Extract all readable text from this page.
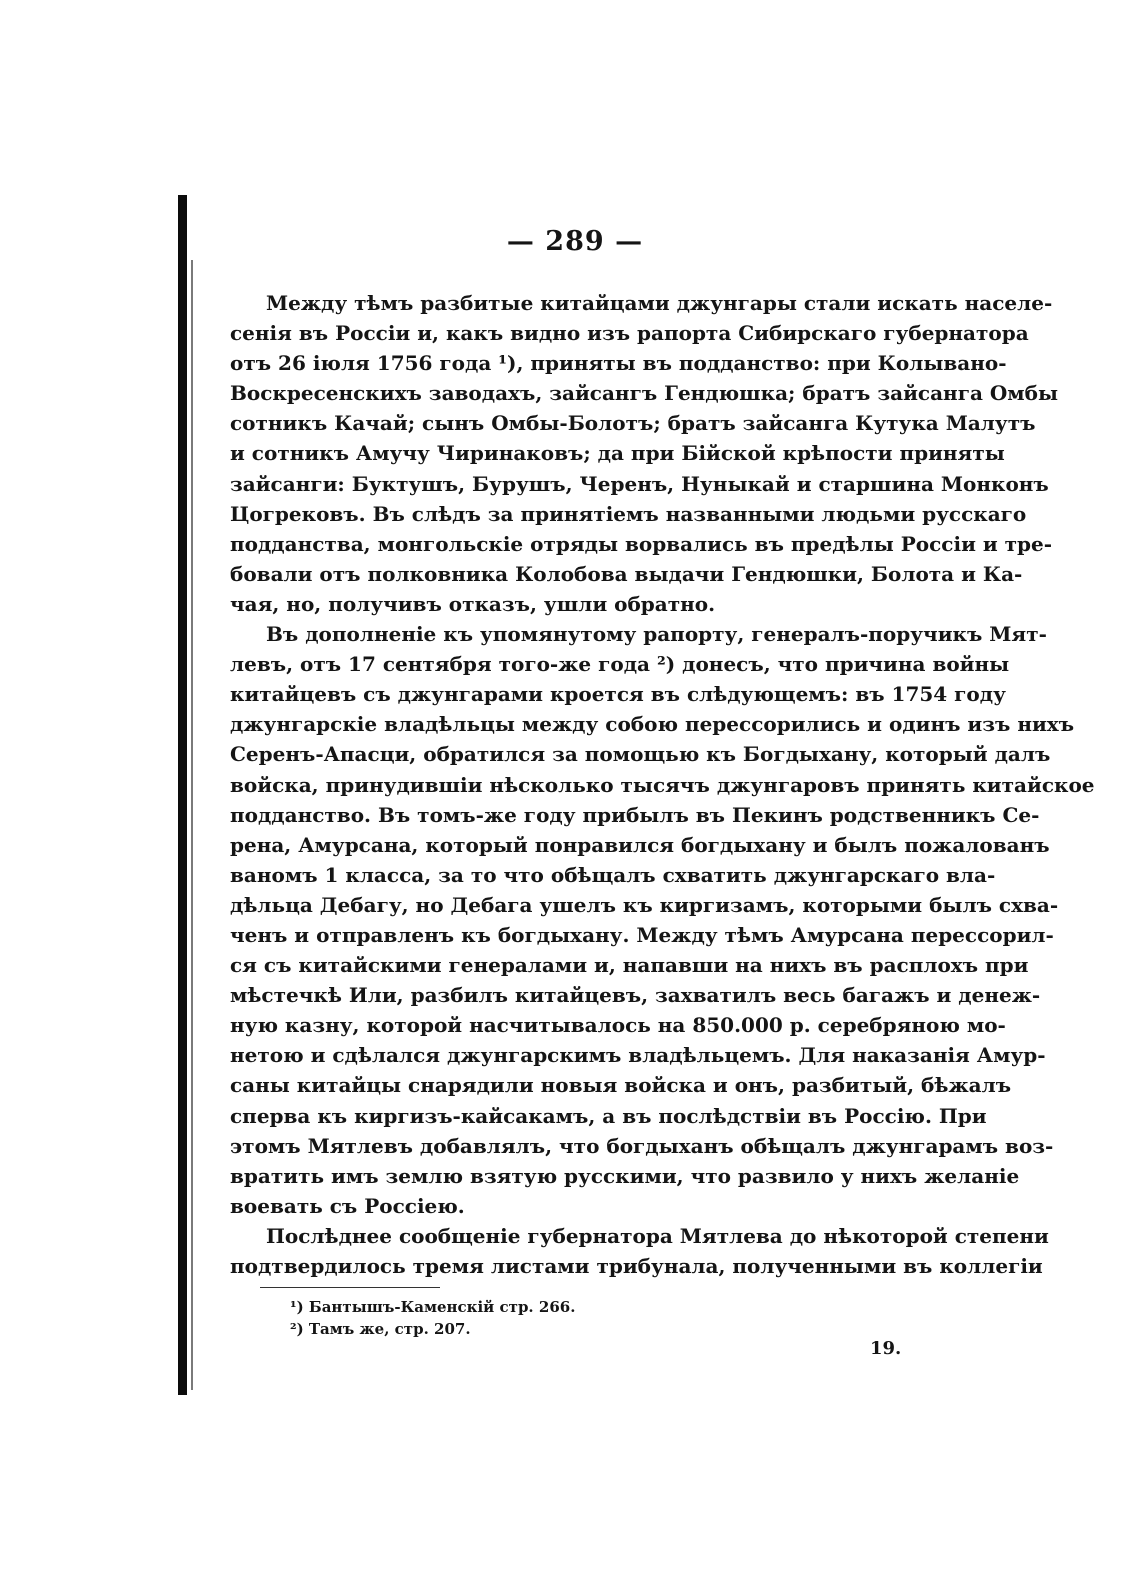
— 289 —
Между тѣмъ разбитые китайцами джунгары стали искать населе-
сенія въ Россіи и, какъ видно изъ рапорта Сибирскаго губернатора
отъ 26 іюля 1756 года ¹), приняты въ подданство: при Колывано-
Воскресенскихъ заводахъ, зайсангъ Гендюшка; братъ зайсанга Омбы
сотникъ Качай; сынъ Омбы-Болотъ; братъ зайсанга Кутука Малутъ
и сотникъ Амучу Чиринаковъ; да при Бійской крѣпости приняты
зайсанги: Буктушъ, Бурушъ, Черенъ, Нуныкай и старшина Монконъ
Цогрековъ. Въ слѣдъ за принятіемъ названными людьми русскаго
подданства, монгольскіе отряды ворвались въ предѣлы Россіи и тре-
бовали отъ полковника Колобова выдачи Гендюшки, Болота и Ка-
чая, но, получивъ отказъ, ушли обратно.
Въ дополненіе къ упомянутому рапорту, генералъ-поручикъ Мят-
левъ, отъ 17 сентября того-же года ²) донесъ, что причина войны
китайцевъ съ джунгарами кроется въ слѣдующемъ: въ 1754 году
джунгарскіе владѣльцы между собою перессорились и одинъ изъ нихъ
Серенъ-Апасци, обратился за помощью къ Богдыхану, который далъ
войска, принудившіи нѣсколько тысячъ джунгаровъ принять китайское
подданство. Въ томъ-же году прибылъ въ Пекинъ родственникъ Се-
рена, Амурсана, который понравился богдыхану и былъ пожалованъ
ваномъ 1 класса, за то что обѣщалъ схватить джунгарскаго вла-
дѣльца Дебагу, но Дебага ушелъ къ киргизамъ, которыми былъ схва-
ченъ и отправленъ къ богдыхану. Между тѣмъ Амурсана перессорил-
ся съ китайскими генералами и, напавши на нихъ въ расплохъ при
мѣстечкѣ Или, разбилъ китайцевъ, захватилъ весь багажъ и денеж-
ную казну, которой насчитывалось на 850.000 р. серебряною мо-
нетою и сдѣлался джунгарскимъ владѣльцемъ. Для наказанія Амур-
саны китайцы снарядили новыя войска и онъ, разбитый, бѣжалъ
сперва къ киргизъ-кайсакамъ, а въ послѣдствіи въ Россію. При
этомъ Мятлевъ добавлялъ, что богдыханъ обѣщалъ джунгарамъ воз-
вратить имъ землю взятую русскими, что развило у нихъ желаніе
воевать съ Россіею.
Послѣднее сообщеніе губернатора Мятлева до нѣкоторой степени
подтвердилось тремя листами трибунала, полученными въ коллегіи
¹) Бантышъ-Каменскій стр. 266.
²) Тамъ же, стр. 207.
19.
